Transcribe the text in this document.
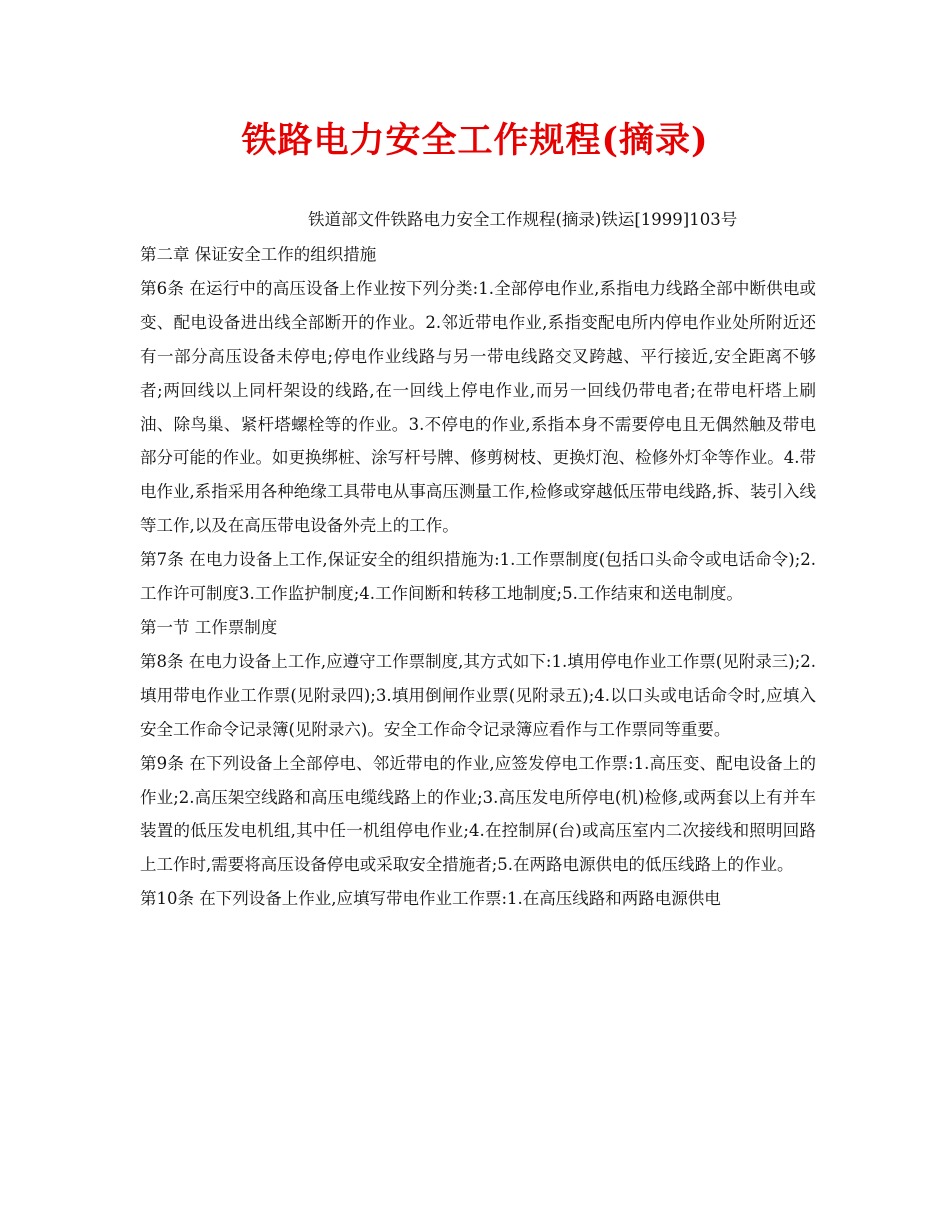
铁路电力安全工作规程(摘录)
铁道部文件铁路电力安全工作规程(摘录)铁运[1999]103号

第二章 保证安全工作的组织措施

第6条 在运行中的高压设备上作业按下列分类:1.全部停电作业,系指电力线路全部中断供电或变、配电设备进出线全部断开的作业。2.邻近带电作业,系指变配电所内停电作业处所附近还有一部分高压设备未停电;停电作业线路与另一带电线路交叉跨越、平行接近,安全距离不够者;两回线以上同杆架设的线路,在一回线上停电作业,而另一回线仍带电者;在带电杆塔上刷油、除鸟巢、紧杆塔螺栓等的作业。3.不停电的作业,系指本身不需要停电且无偶然触及带电部分可能的作业。如更换绑桩、涂写杆号牌、修剪树枝、更换灯泡、检修外灯伞等作业。4.带电作业,系指采用各种绝缘工具带电从事高压测量工作,检修或穿越低压带电线路,拆、装引入线等工作,以及在高压带电设备外壳上的工作。

第7条 在电力设备上工作,保证安全的组织措施为:1.工作票制度(包括口头命令或电话命令);2.工作许可制度3.工作监护制度;4.工作间断和转移工地制度;5.工作结束和送电制度。

第一节 工作票制度

第8条 在电力设备上工作,应遵守工作票制度,其方式如下:1.填用停电作业工作票(见附录三);2.填用带电作业工作票(见附录四);3.填用倒闸作业票(见附录五);4.以口头或电话命令时,应填入安全工作命令记录簿(见附录六)。安全工作命令记录簿应看作与工作票同等重要。

第9条 在下列设备上全部停电、邻近带电的作业,应签发停电工作票:1.高压变、配电设备上的作业;2.高压架空线路和高压电缆线路上的作业;3.高压发电所停电(机)检修,或两套以上有并车装置的低压发电机组,其中任一机组停电作业;4.在控制屏(台)或高压室内二次接线和照明回路上工作时,需要将高压设备停电或采取安全措施者;5.在两路电源供电的低压线路上的作业。

第10条 在下列设备上作业,应填写带电作业工作票:1.在高压线路和两路电源供电
